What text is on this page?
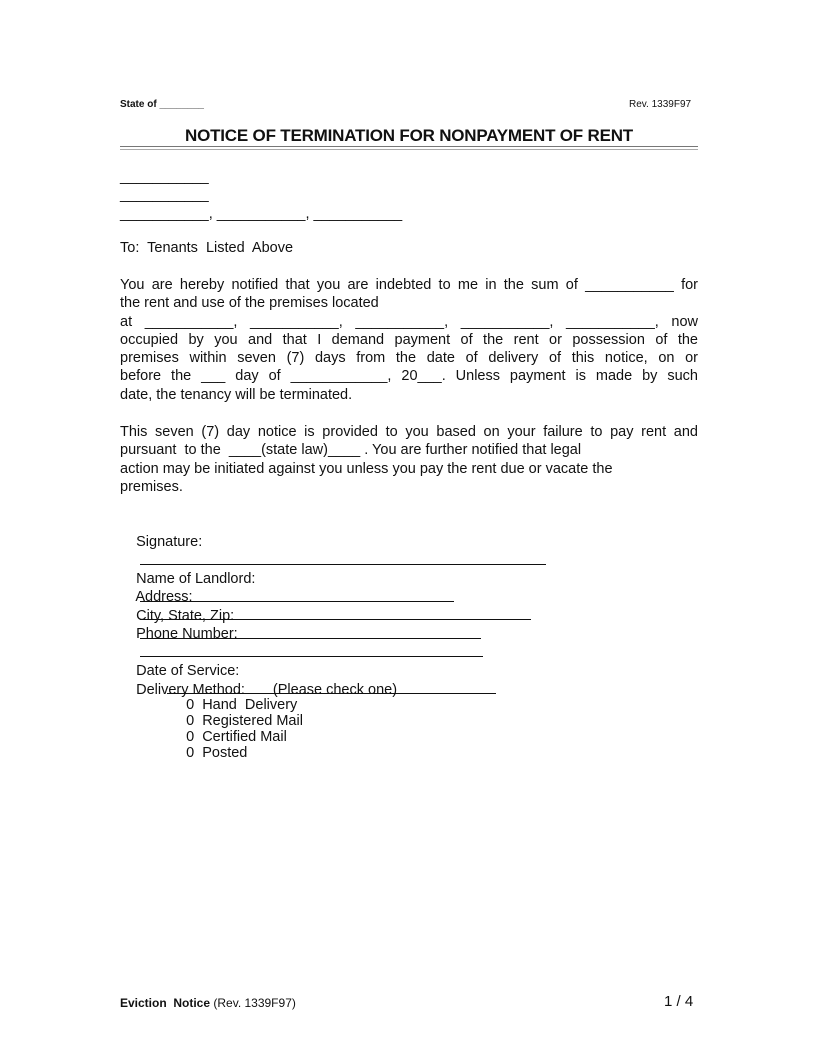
State of ________	Rev. 1339F97
NOTICE OF TERMINATION FOR NONPAYMENT OF RENT
___________
___________
___________, ___________, ___________
To:  Tenants  Listed  Above
You are hereby notified that you are indebted to me in the sum of ___________ for
the rent and use of the premises located
at ___________, ___________, ___________, ___________, ___________, now
occupied by you and that I demand payment of the rent or possession of the
premises within seven (7) days from the date of delivery of this notice, on or
before the ___ day of ____________, 20___. Unless payment is made by such
date, the tenancy will be terminated.
This seven (7) day notice is provided to you based on your failure to pay rent and
pursuant  to the  ____(state law)____ . You are further notified that legal
action may be initiated against you unless you pay the rent due or vacate the
premises.

Signature:

Name of Landlord:

Address:

City, State, Zip:

Phone Number:

Date of Service:

Delivery Method: (Please check one)

0 Hand  Delivery
0 Registered Mail
0 Certified Mail
0 Posted

Eviction  Notice (Rev. 1339F97)	1 / 4
